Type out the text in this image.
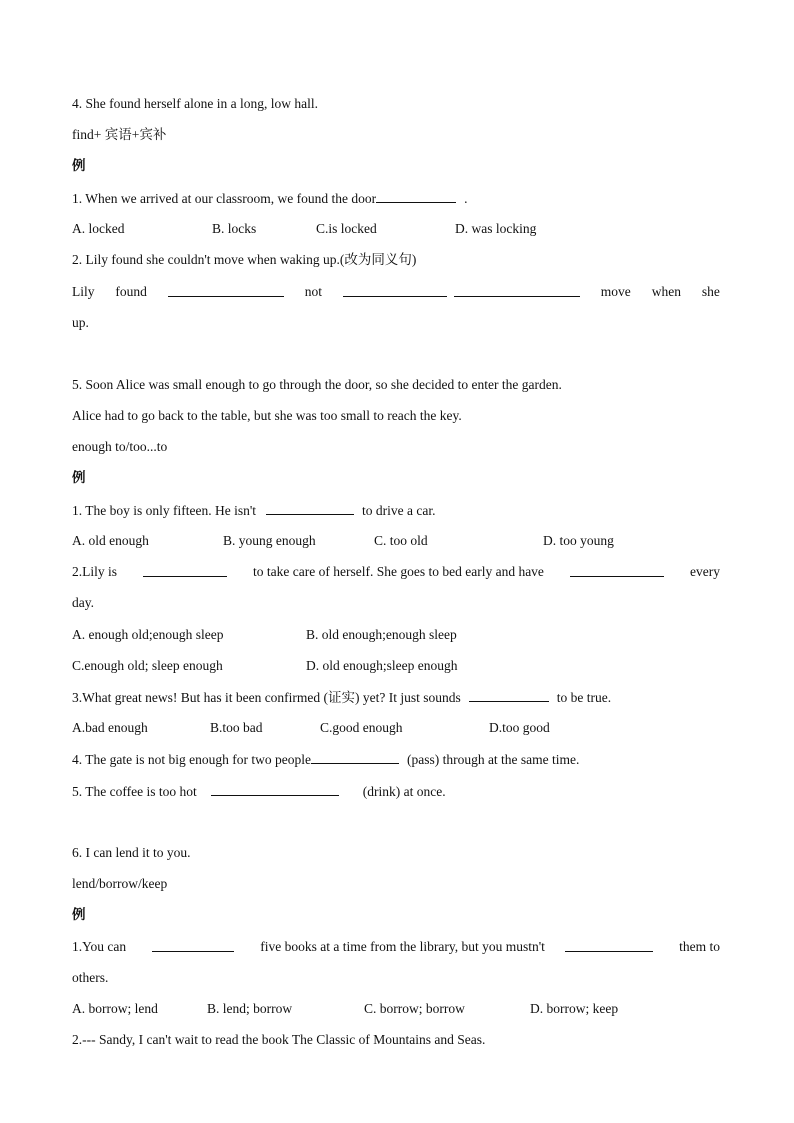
4. She found herself alone in a long, low hall.
find+ 宾语+宾补
例
1. When we arrived at our classroom, we found the door	.
A. locked	B. locks	C.is locked	D. was locking
2. Lily found she couldn't move when waking up.(改为同义句)
Lily found	not	move when she
up.
5. Soon Alice was small enough to go through the door, so she decided to enter the garden.
Alice had to go back to the table, but she was too small to reach the key.
enough to/too...to
例
1. The boy is only fifteen. He isn't	to drive a car.
A. old enough	B. young enough	C. too old	D. too young
2.Lily is	to take care of herself. She goes to bed early and have	every
day.
A. enough old;enough sleep	B. old enough;enough sleep
C.enough old; sleep enough	D. old enough;sleep enough
3.What great news! But has it been confirmed (证实) yet? It just sounds	to be true.
A.bad enough	B.too bad	C.good enough	D.too good
4. The gate is not big enough for two people	(pass) through at the same time.
5. The coffee is too hot	(drink) at once.
6. I can lend it to you.
lend/borrow/keep
例
1.You can	five books at a time from the library, but you mustn't	them to
others.
A. borrow; lend	B. lend; borrow	C. borrow; borrow	D. borrow; keep
2.--- Sandy, I can't wait to read the book The Classic of Mountains and Seas.
